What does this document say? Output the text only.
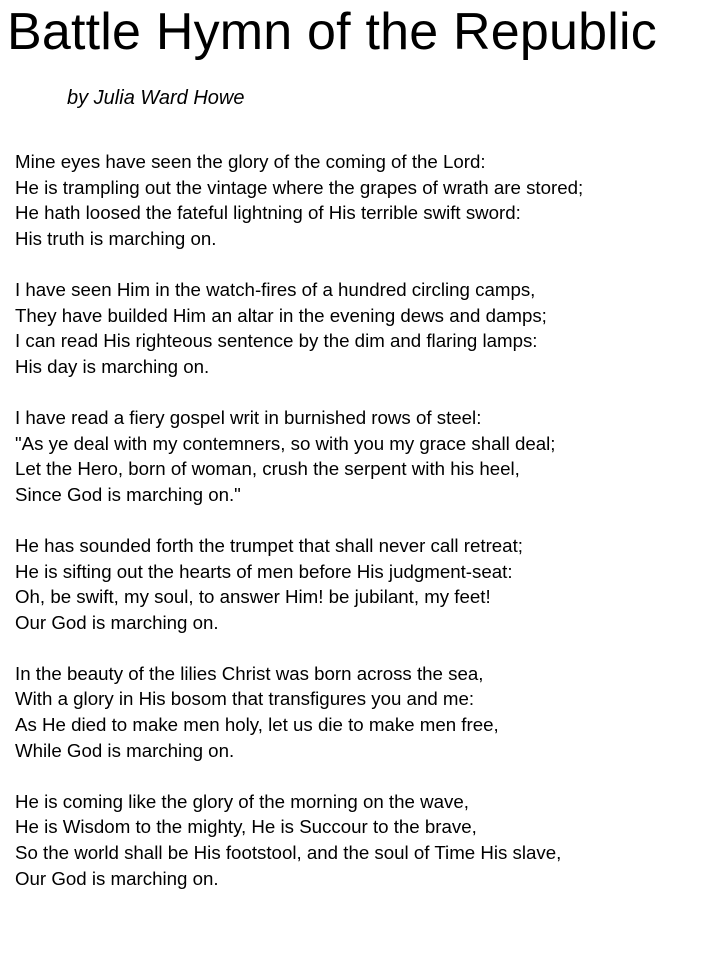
Battle Hymn of the Republic

by Julia Ward Howe

Mine eyes have seen the glory of the coming of the Lord:
He is trampling out the vintage where the grapes of wrath are stored;
He hath loosed the fateful lightning of His terrible swift sword:
His truth is marching on.
I have seen Him in the watch-fires of a hundred circling camps,
They have builded Him an altar in the evening dews and damps;
I can read His righteous sentence by the dim and flaring lamps:
His day is marching on.
I have read a fiery gospel writ in burnished rows of steel:
"As ye deal with my contemners, so with you my grace shall deal;
Let the Hero, born of woman, crush the serpent with his heel,
Since God is marching on."
He has sounded forth the trumpet that shall never call retreat;
He is sifting out the hearts of men before His judgment-seat:
Oh, be swift, my soul, to answer Him! be jubilant, my feet!
Our God is marching on.
In the beauty of the lilies Christ was born across the sea,
With a glory in His bosom that transfigures you and me:
As He died to make men holy, let us die to make men free,
While God is marching on.
He is coming like the glory of the morning on the wave,
He is Wisdom to the mighty, He is Succour to the brave,
So the world shall be His footstool, and the soul of Time His slave,
Our God is marching on.
